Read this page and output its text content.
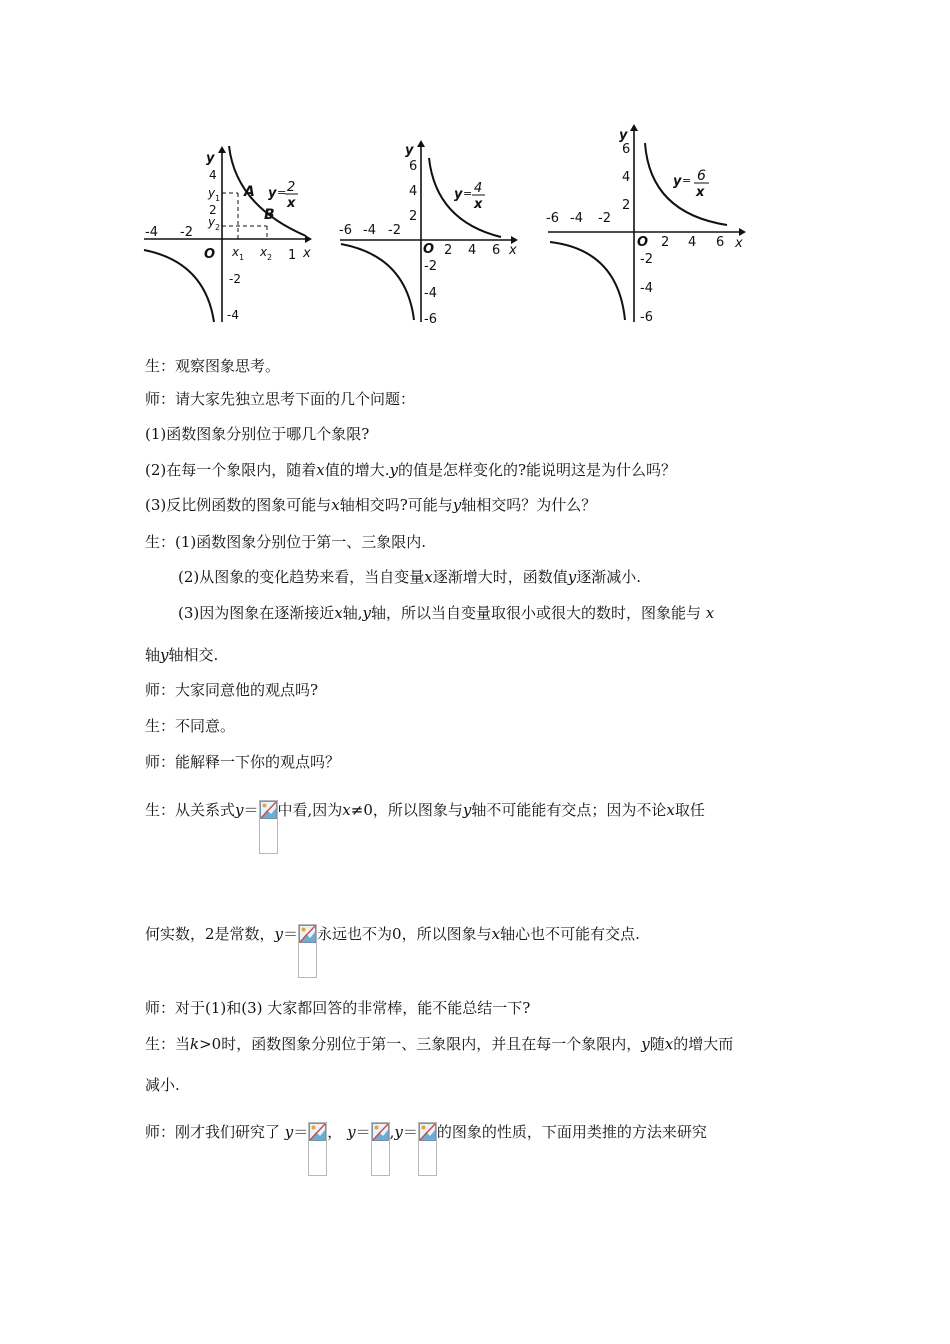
y
x
O
-4 -2
1
4
2
-2
-4
y 1
y 2
x 1 x 2
A
B
y = 2
x
y
x
O
-6 -4 -2
2 4 6
6
4
2
-2
-4
-6
y = 4
x
y
x
O
-6 -4 -2
2 4 6
6
4
2
-2
-4
-6
y = 6
x
生：观察图象思考。
师：请大家先独立思考下面的几个问题：
(1)函数图象分别位于哪几个象限?
(2)在每一个象限内，随着x值的增大.y的值是怎样变化的?能说明这是为什么吗？
(3)反比例函数的图象可能与x轴相交吗?可能与y轴相交吗？为什么？
生：(1)函数图象分别位于第一、三象限内.
(2)从图象的变化趋势来看，当自变量x逐渐增大时，函数值y逐渐减小.
(3)因为图象在逐渐接近x轴,y轴，所以当自变量取很小或很大的数时，图象能与 x
轴y轴相交.
师：大家同意他的观点吗?
生：不同意。
师：能解释一下你的观点吗？
生：从关系式y＝ 中看,因为x≠0，所以图象与y轴不可能能有交点；因为不论x取任
何实数，2是常数，y＝ 永远也不为0，所以图象与x轴心也不可能有交点.
师：对于(1)和(3) 大家都回答的非常棒，能不能总结一下?
生：当k>0时，函数图象分别位于第一、三象限内，并且在每一个象限内，y随x的增大而
减小.
师：刚才我们研究了 y＝ ， y＝ ,y＝ 的图象的性质，下面用类推的方法来研究
